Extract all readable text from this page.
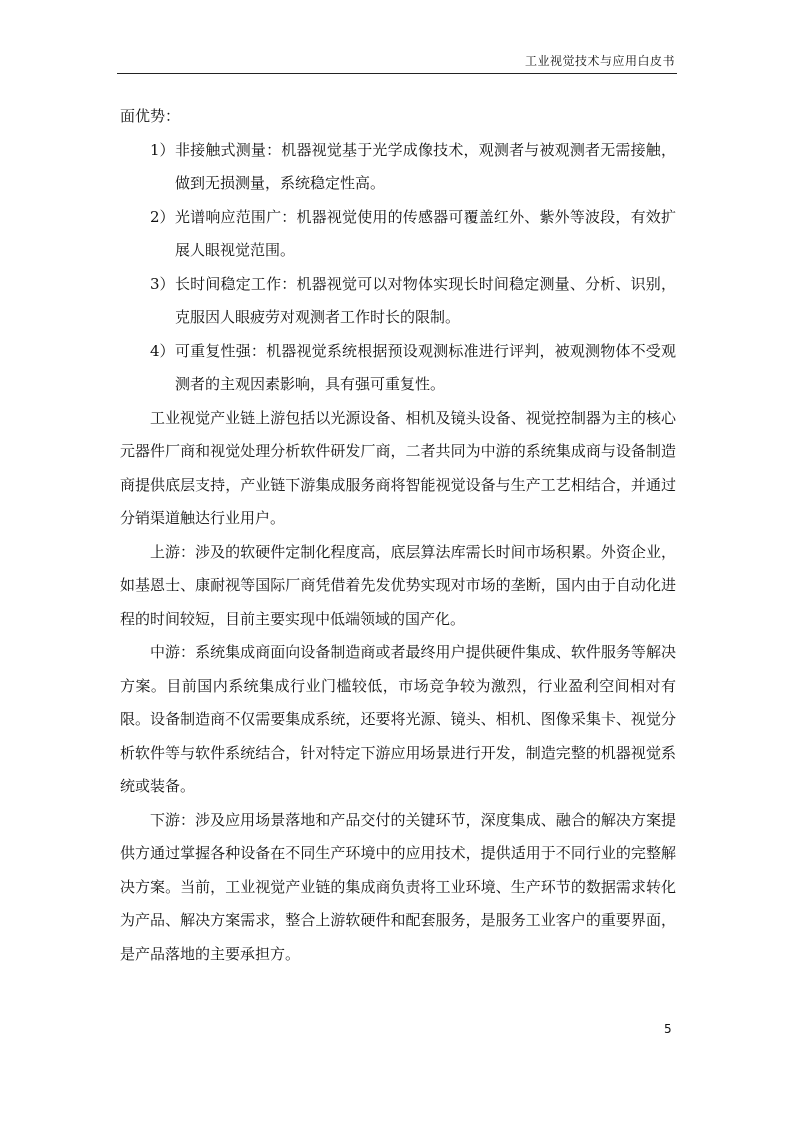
工业视觉技术与应用白皮书

面优势：

1） 非接触式测量：机器视觉基于光学成像技术，观测者与被观测者无需接触，做到无损测量，系统稳定性高。
2） 光谱响应范围广：机器视觉使用的传感器可覆盖红外、紫外等波段，有效扩展人眼视觉范围。
3） 长时间稳定工作：机器视觉可以对物体实现长时间稳定测量、分析、识别，克服因人眼疲劳对观测者工作时长的限制。
4） 可重复性强：机器视觉系统根据预设观测标准进行评判，被观测物体不受观测者的主观因素影响，具有强可重复性。

工业视觉产业链上游包括以光源设备、相机及镜头设备、视觉控制器为主的核心元器件厂商和视觉处理分析软件研发厂商，二者共同为中游的系统集成商与设备制造商提供底层支持，产业链下游集成服务商将智能视觉设备与生产工艺相结合，并通过分销渠道触达行业用户。

上游：涉及的软硬件定制化程度高，底层算法库需长时间市场积累。外资企业，如基恩士、康耐视等国际厂商凭借着先发优势实现对市场的垄断，国内由于自动化进程的时间较短，目前主要实现中低端领域的国产化。

中游：系统集成商面向设备制造商或者最终用户提供硬件集成、软件服务等解决方案。目前国内系统集成行业门槛较低，市场竞争较为激烈，行业盈利空间相对有限。设备制造商不仅需要集成系统，还要将光源、镜头、相机、图像采集卡、视觉分析软件等与软件系统结合，针对特定下游应用场景进行开发，制造完整的机器视觉系统或装备。

下游：涉及应用场景落地和产品交付的关键环节，深度集成、融合的解决方案提供方通过掌握各种设备在不同生产环境中的应用技术，提供适用于不同行业的完整解决方案。当前，工业视觉产业链的集成商负责将工业环境、生产环节的数据需求转化为产品、解决方案需求，整合上游软硬件和配套服务，是服务工业客户的重要界面，是产品落地的主要承担方。

5
